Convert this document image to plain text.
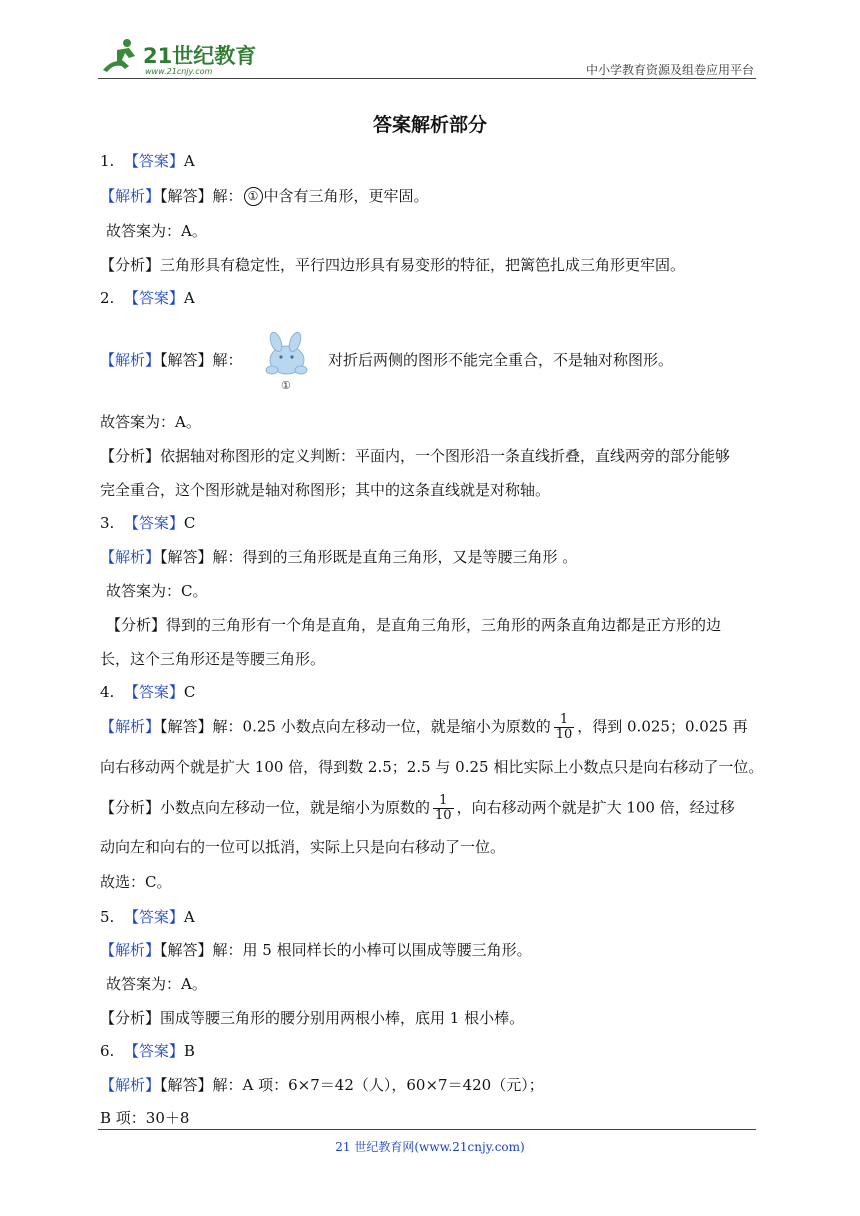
21世纪教育
www.21cnjy.com	中小学教育资源及组卷应用平台
答案解析部分
1. 【答案】A
【解析】【解答】解： ① 中含有三角形，更牢固。
故答案为：A。
【分析】三角形具有稳定性，平行四边形具有易变形的特征，把篱笆扎成三角形更牢固。
2. 【答案】A
【解析】【解答】解：
①
对折后两侧的图形不能完全重合，不是轴对称图形。
故答案为：A。
【分析】依据轴对称图形的定义判断：平面内，一个图形沿一条直线折叠，直线两旁的部分能够
完全重合，这个图形就是轴对称图形；其中的这条直线就是对称轴。
3. 【答案】C
【解析】【解答】解：得到的三角形既是直角三角形，又是等腰三角形 。
故答案为：C。
【分析】得到的三角形有一个角是直角，是直角三角形，三角形的两条直角边都是正方形的边
长，这个三角形还是等腰三角形。
4. 【答案】C
【解析】【解答】解：0.25 小数点向左移动一位，就是缩小为原数的 $\frac{1}{10}$ ，得到 0.025；0.025 再
向右移动两个就是扩大 100 倍，得到数 2.5；2.5 与 0.25 相比实际上小数点只是向右移动了一位。
【分析】小数点向左移动一位，就是缩小为原数的 $\frac{1}{10}$ ，向右移动两个就是扩大 100 倍，经过移
动向左和向右的一位可以抵消，实际上只是向右移动了一位。
故选：C。
5. 【答案】A
【解析】【解答】解：用 5 根同样长的小棒可以围成等腰三角形。
故答案为：A。
【分析】围成等腰三角形的腰分别用两根小棒，底用 1 根小棒。
6. 【答案】B
【解析】【解答】解：A 项：6×7＝42（人），60×7＝420（元）；
B 项：30＋8
21 世纪教育网(www.21cnjy.com)
